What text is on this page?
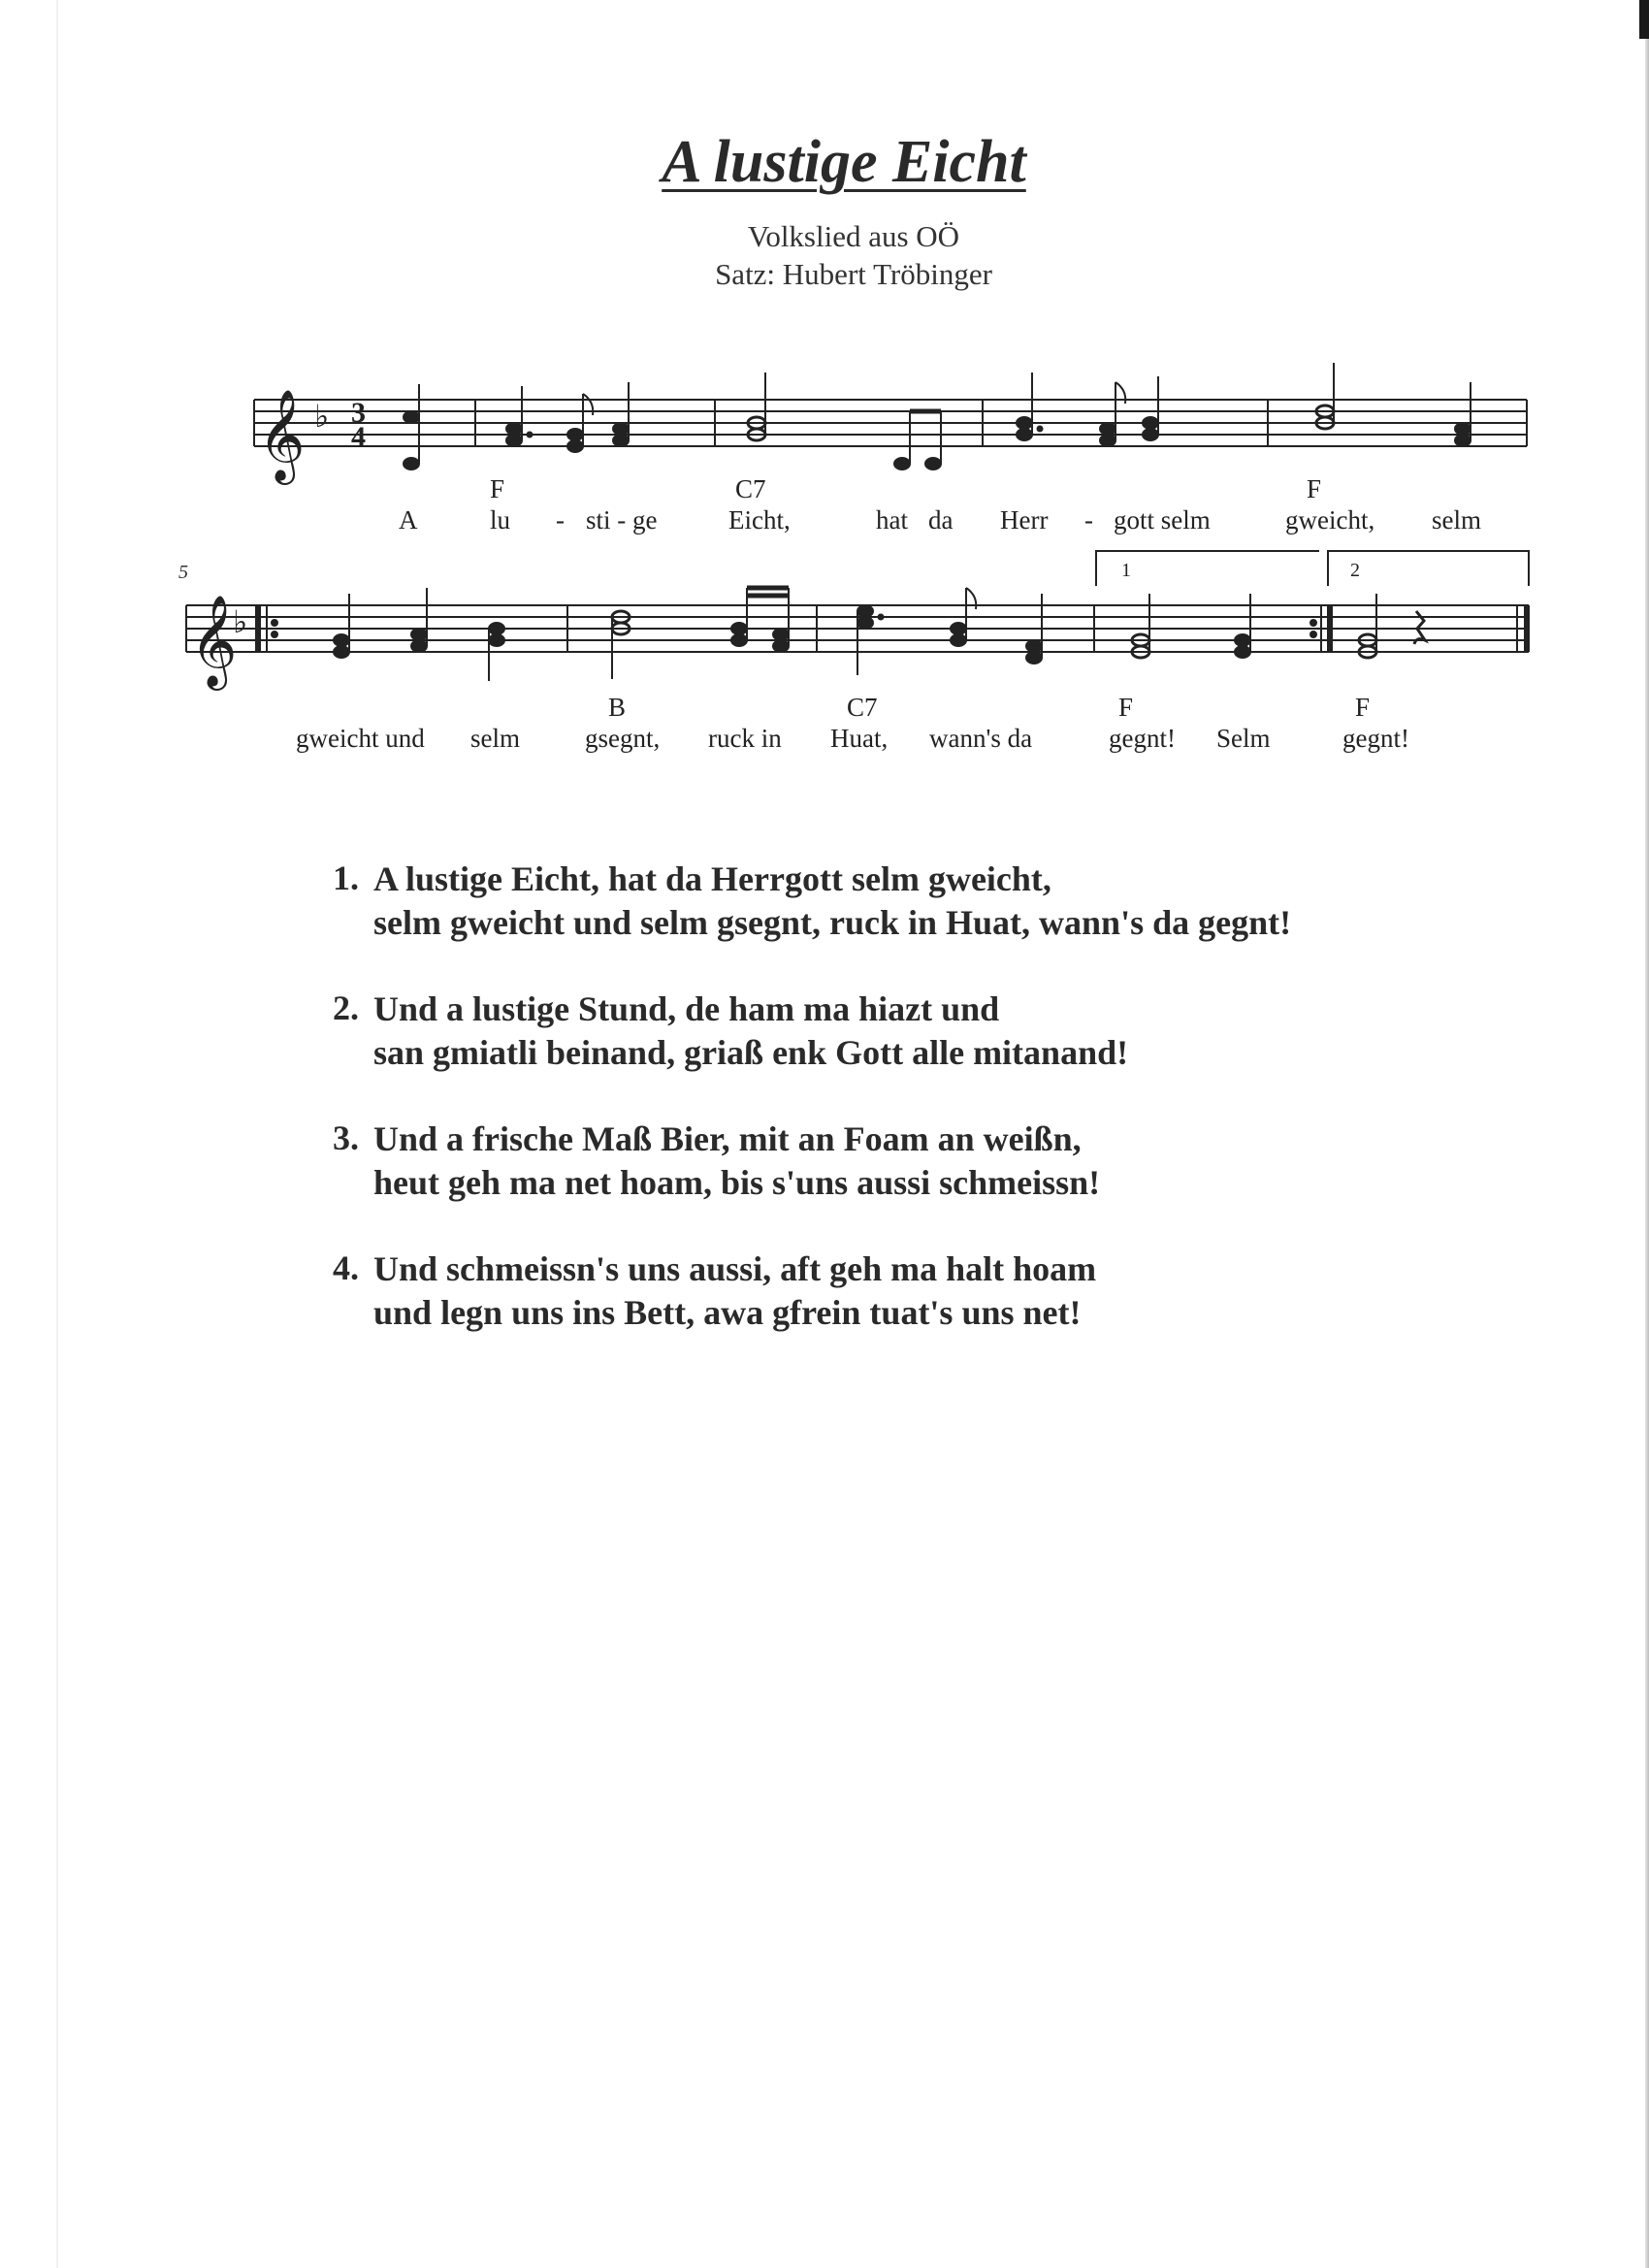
A lustige Eicht
Volkslied aus OÖ
Satz: Hubert Tröbinger
𝄞 ♭ 3
4
F	C7	F
A	lu - sti - ge	Eicht,	hat da Herr - gott selm	gweicht, selm
5	1	2
𝄞
♭
B	C7	F	F
gweicht und selm gsegnt, ruck in Huat, wann's da	gegnt! Selm	gegnt!
1. A lustige Eicht, hat da Herrgott selm gweicht,
selm gweicht und selm gsegnt, ruck in Huat, wann's da gegnt!
2. Und a lustige Stund, de ham ma hiazt und
san gmiatli beinand, griaß enk Gott alle mitanand!
3. Und a frische Maß Bier, mit an Foam an weißn,
heut geh ma net hoam, bis s'uns aussi schmeissn!
4. Und schmeissn's uns aussi, aft geh ma halt hoam
und legn uns ins Bett, awa gfrein tuat's uns net!
